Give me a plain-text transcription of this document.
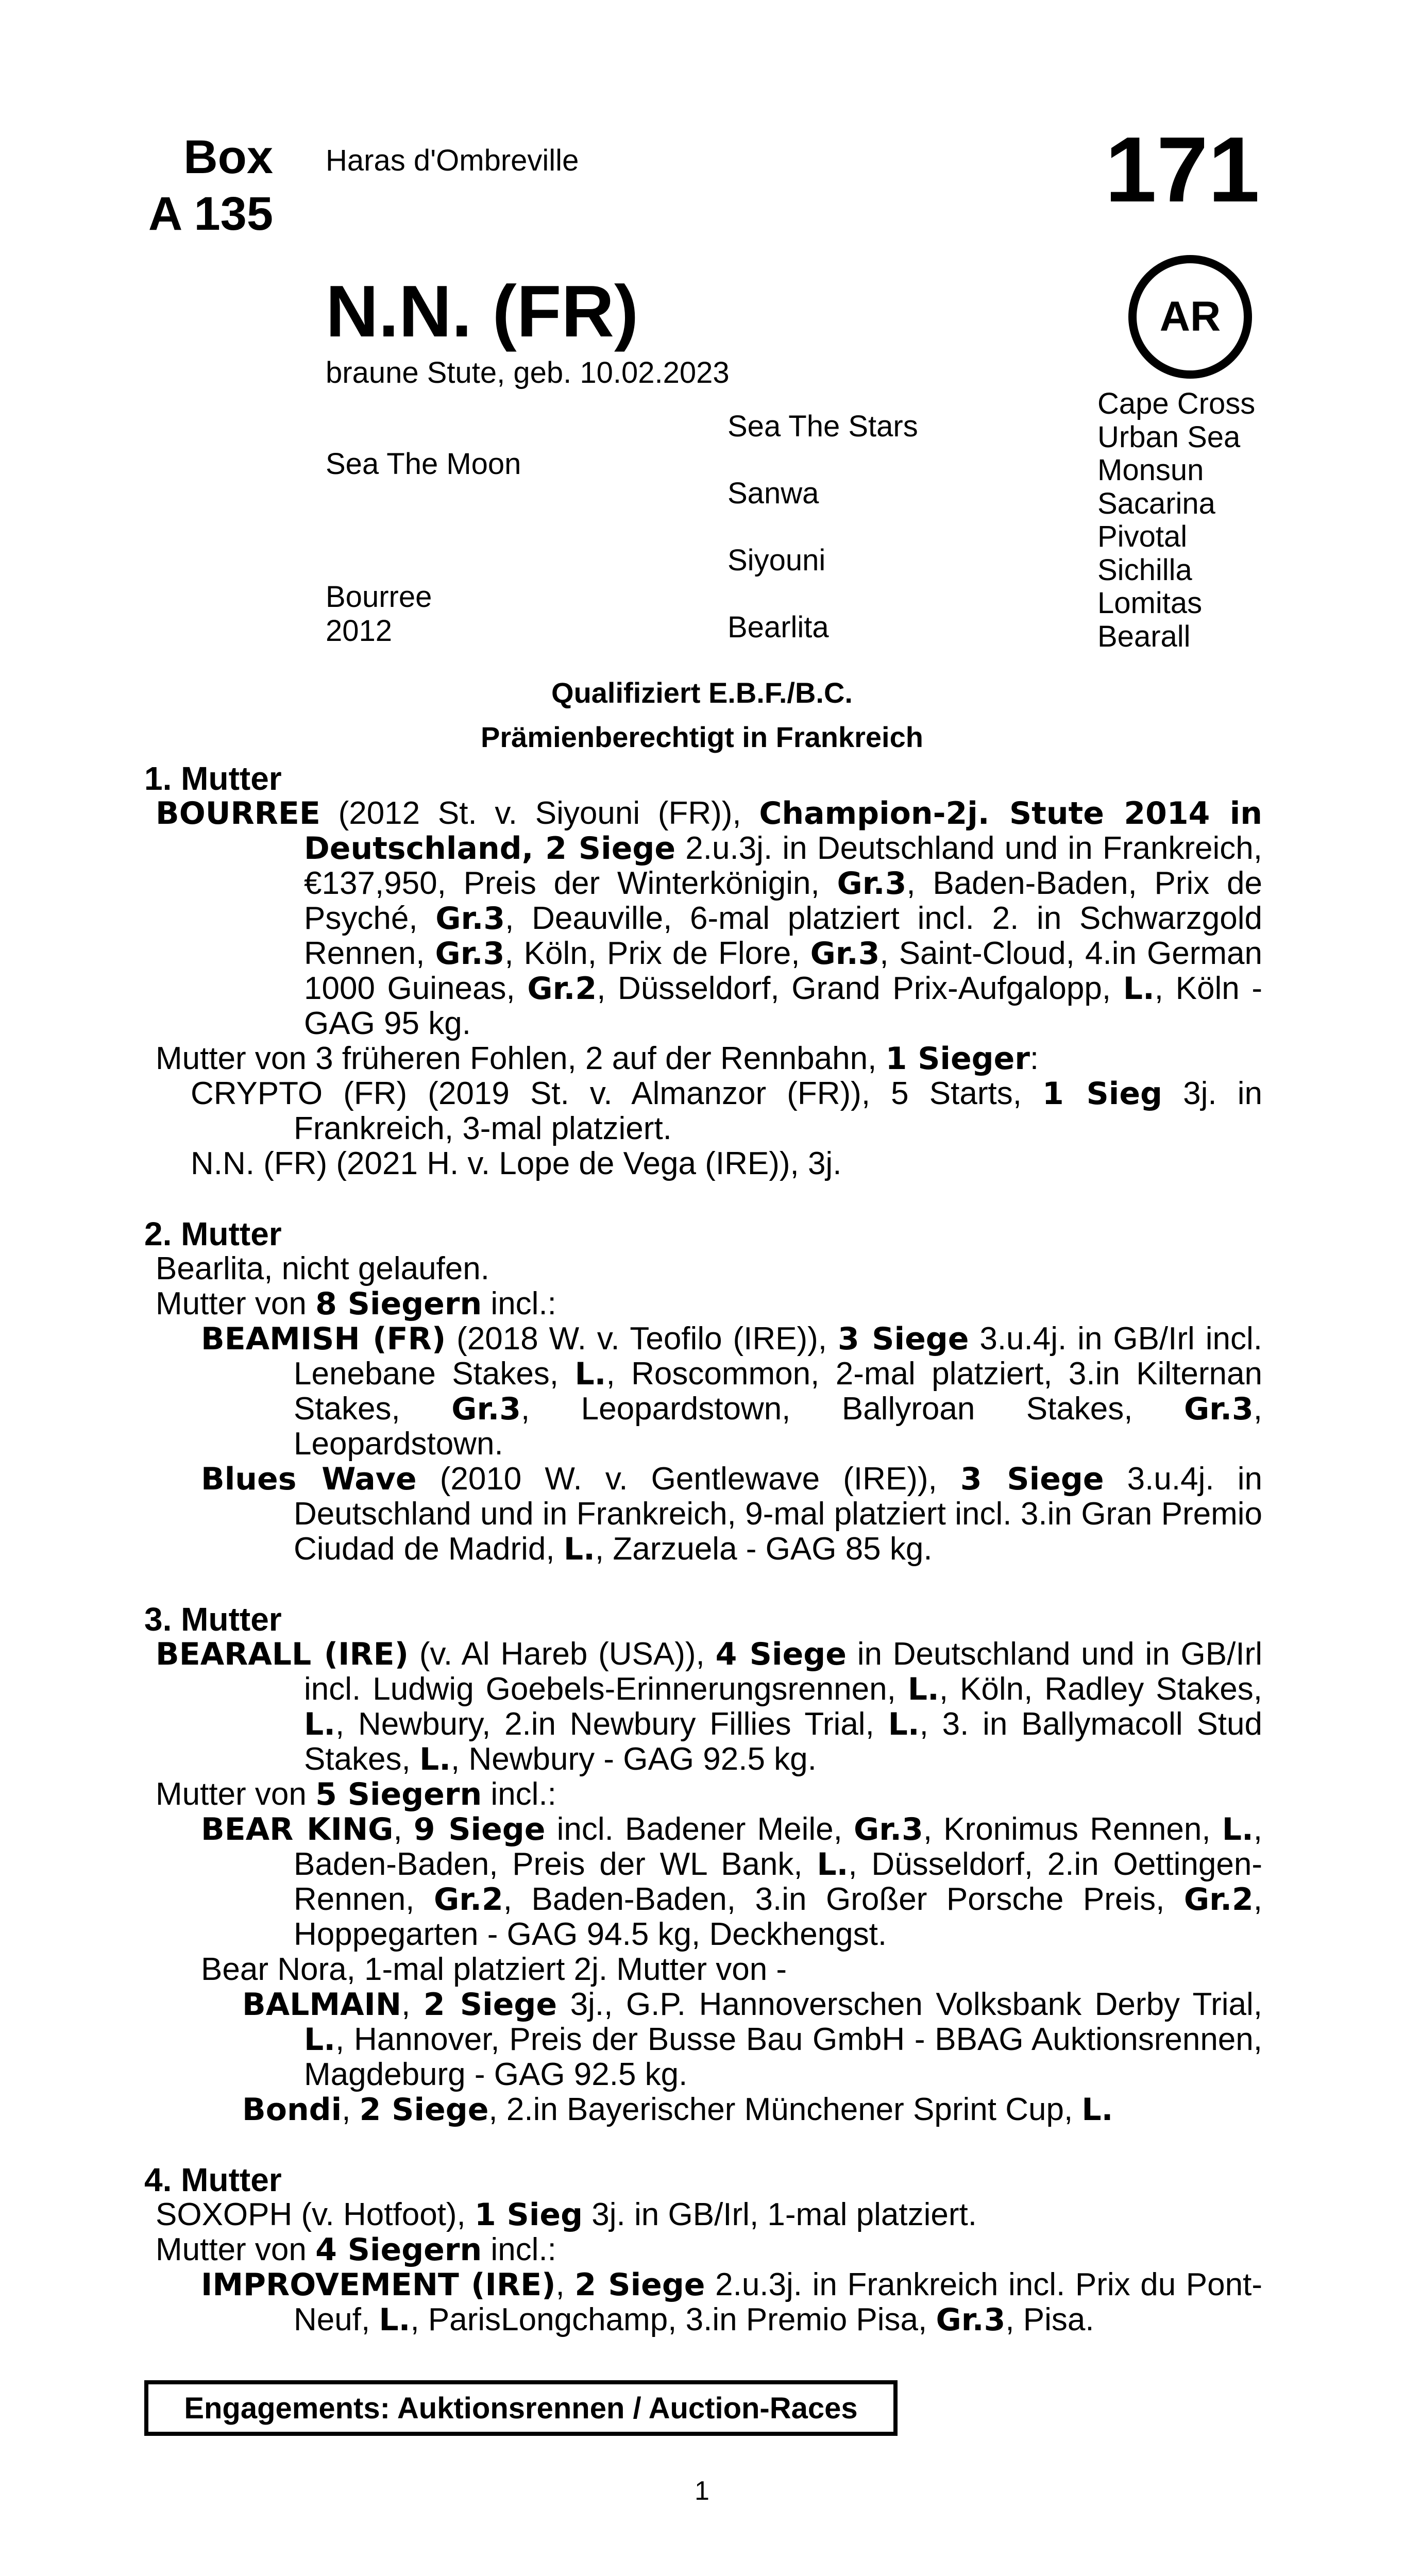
Box
A 135
Haras d'Ombreville	171
AR
N.N. (FR)
braune Stute, geb. 10.02.2023
Sea The Moon
Bourree
2012
Sea The Stars
Sanwa
Siyouni
Bearlita
Cape Cross
Urban Sea
Monsun
Sacarina
Pivotal
Sichilla
Lomitas
Bearall
Qualifiziert E.B.F./B.C.
Prämienberechtigt in Frankreich
1. Mutter

BOURREE (2012 St. v. Siyouni (FR)), Champion-2j. Stute 2014 in Deutschland, 2 Siege 2.u.3j. in Deutschland und in Frankreich, €137,950, Preis der Winterkönigin, Gr.3, Baden-Baden, Prix de Psyché, Gr.3, Deauville, 6-mal platziert incl. 2. in Schwarzgold Rennen, Gr.3, Köln, Prix de Flore, Gr.3, Saint-Cloud, 4.in German 1000 Guineas, Gr.2, Düsseldorf, Grand Prix-Aufgalopp, L., Köln - GAG 95 kg.

Mutter von 3 früheren Fohlen, 2 auf der Rennbahn, 1 Sieger:

CRYPTO (FR) (2019 St. v. Almanzor (FR)), 5 Starts, 1 Sieg 3j. in Frankreich, 3-mal platziert.

N.N. (FR) (2021 H. v. Lope de Vega (IRE)), 3j.

2. Mutter

Bearlita, nicht gelaufen.

Mutter von 8 Siegern incl.:

BEAMISH (FR) (2018 W. v. Teofilo (IRE)), 3 Siege 3.u.4j. in GB/Irl incl. Lenebane Stakes, L., Roscommon, 2-mal platziert, 3.in Kilternan Stakes, Gr.3, Leopardstown, Ballyroan Stakes, Gr.3, Leopardstown.

Blues Wave (2010 W. v. Gentlewave (IRE)), 3 Siege 3.u.4j. in Deutschland und in Frankreich, 9-mal platziert incl. 3.in Gran Premio Ciudad de Madrid, L., Zarzuela - GAG 85 kg.

3. Mutter

BEARALL (IRE) (v. Al Hareb (USA)), 4 Siege in Deutschland und in GB/Irl incl. Ludwig Goebels-Erinnerungsrennen, L., Köln, Radley Stakes, L., Newbury, 2.in Newbury Fillies Trial, L., 3. in Ballymacoll Stud Stakes, L., Newbury - GAG 92.5 kg.

Mutter von 5 Siegern incl.:

BEAR KING, 9 Siege incl. Badener Meile, Gr.3, Kronimus Rennen, L., Baden-Baden, Preis der WL Bank, L., Düsseldorf, 2.in Oettingen-Rennen, Gr.2, Baden-Baden, 3.in Großer Porsche Preis, Gr.2, Hoppegarten - GAG 94.5 kg, Deckhengst.

Bear Nora, 1-mal platziert 2j. Mutter von -

BALMAIN, 2 Siege 3j., G.P. Hannoverschen Volksbank Derby Trial, L., Hannover, Preis der Busse Bau GmbH - BBAG Auktionsrennen, Magdeburg - GAG 92.5 kg.

Bondi, 2 Siege, 2.in Bayerischer Münchener Sprint Cup, L.

4. Mutter

SOXOPH (v. Hotfoot), 1 Sieg 3j. in GB/Irl, 1-mal platziert.

Mutter von 4 Siegern incl.:

IMPROVEMENT (IRE), 2 Siege 2.u.3j. in Frankreich incl. Prix du Pont-Neuf, L., ParisLongchamp, 3.in Premio Pisa, Gr.3, Pisa.

Engagements: Auktionsrennen / Auction-Races
1
